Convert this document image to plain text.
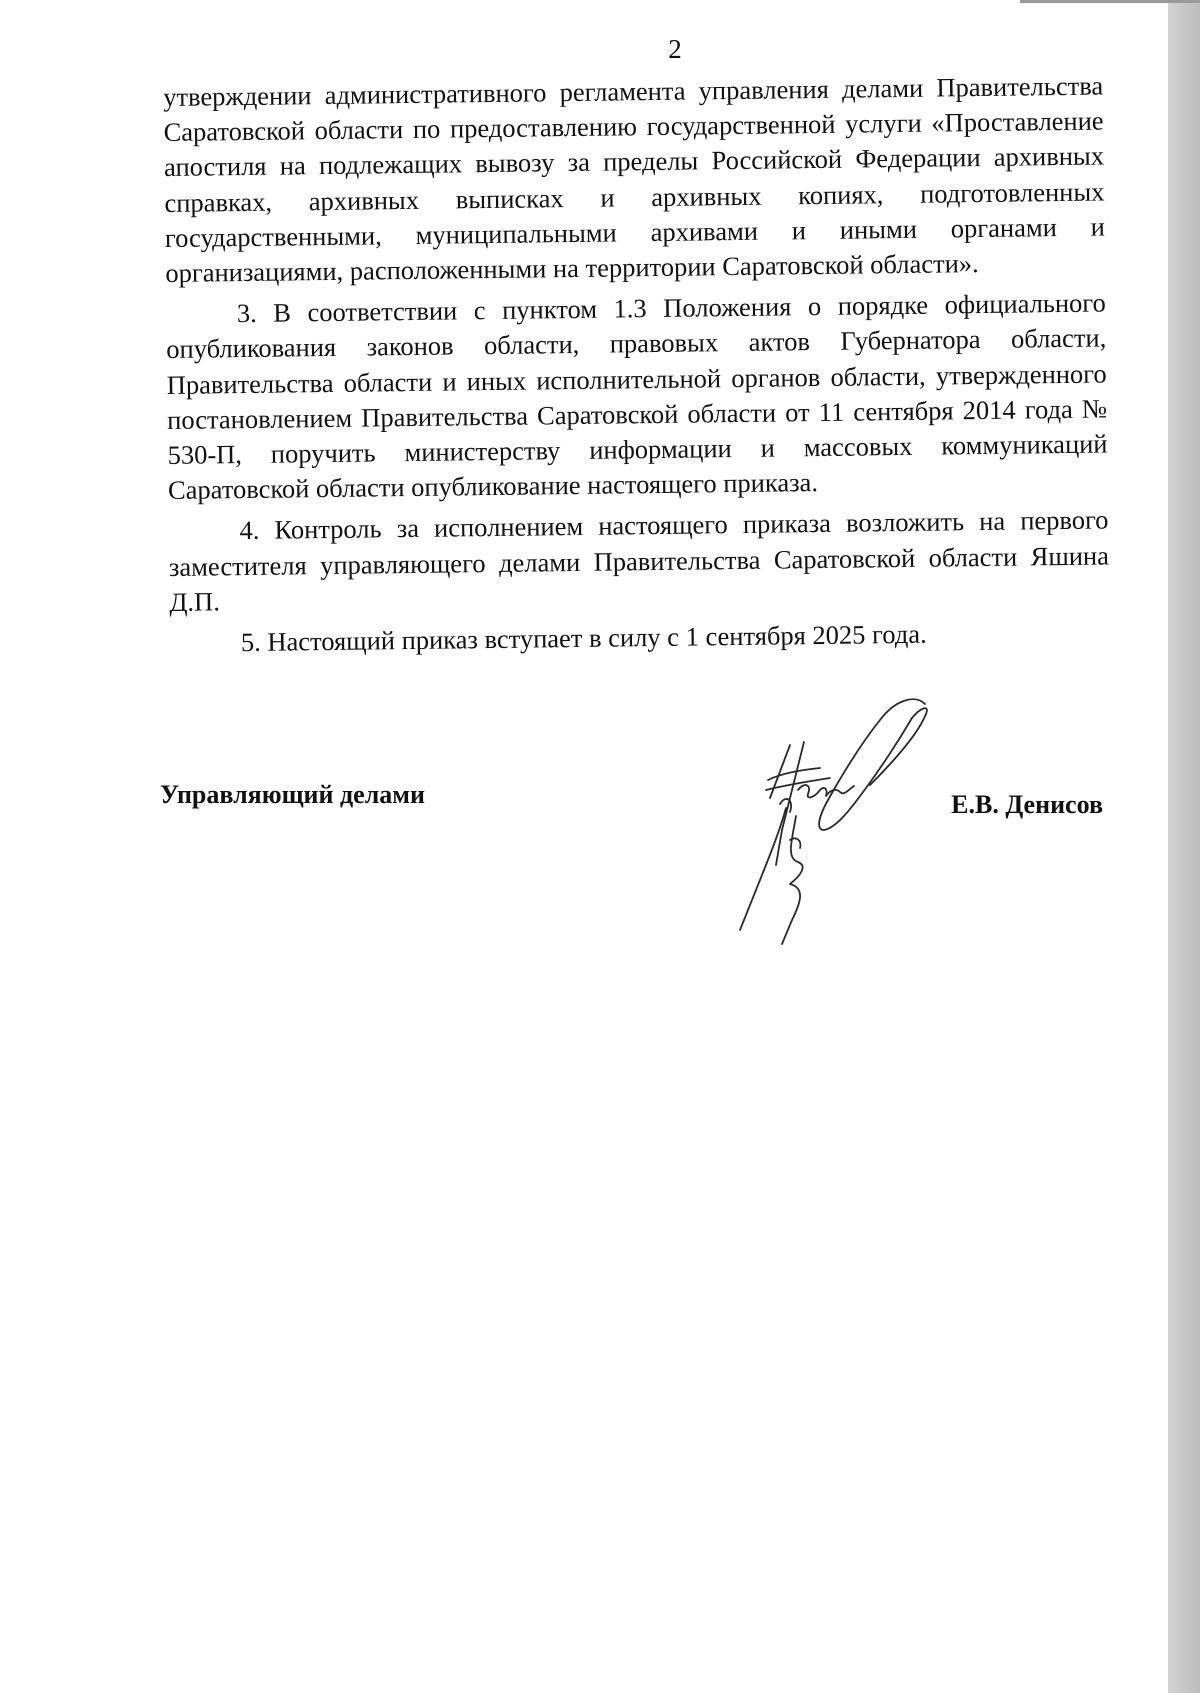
2

утверждении административного регламента управления делами Правительства Саратовской области по предоставлению государственной услуги «Проставление апостиля на подлежащих вывозу за пределы Российской Федерации архивных справках, архивных выписках и архивных копиях, подготовленных государственными, муниципальными архивами и иными органами и организациями, расположенными на территории Саратовской области».

3. В соответствии с пунктом 1.3 Положения о порядке официального опубликования законов области, правовых актов Губернатора области, Правительства области и иных исполнительной органов области, утвержденного постановлением Правительства Саратовской области от 11 сентября 2014 года № 530-П, поручить министерству информации и массовых коммуникаций Саратовской области опубликование настоящего приказа.

4. Контроль за исполнением настоящего приказа возложить на первого заместителя управляющего делами Правительства Саратовской области Яшина Д.П.

5. Настоящий приказ вступает в силу с 1 сентября 2025 года.

Управляющий делами	Е.В. Денисов
